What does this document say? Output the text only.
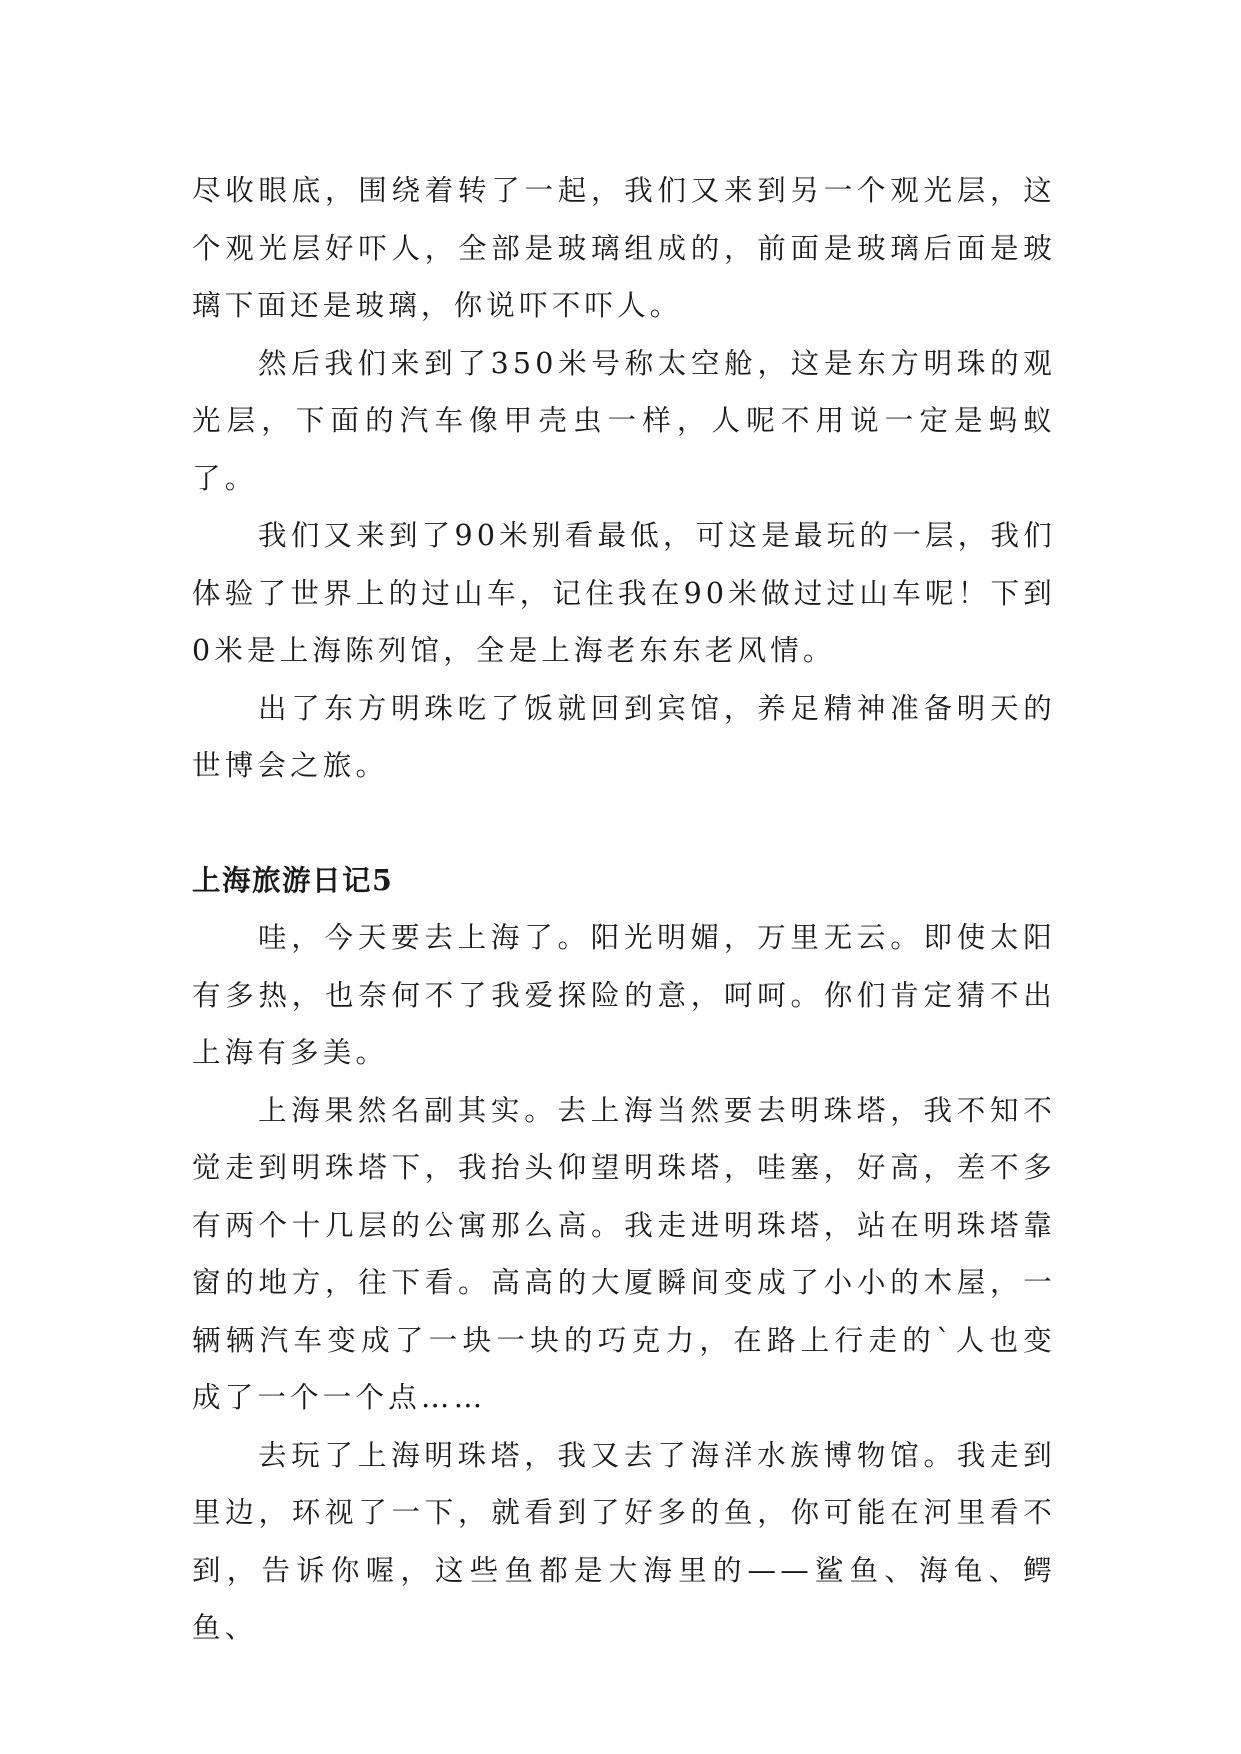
尽收眼底，围绕着转了一起，我们又来到另一个观光层，这个观光层好吓人，全部是玻璃组成的，前面是玻璃后面是玻璃下面还是玻璃，你说吓不吓人。

然后我们来到了350米号称太空舱，这是东方明珠的观光层，下面的汽车像甲壳虫一样，人呢不用说一定是蚂蚁了。

我们又来到了90米别看最低，可这是最玩的一层，我们体验了世界上的过山车，记住我在90米做过过山车呢！下到0米是上海陈列馆，全是上海老东东老风情。

出了东方明珠吃了饭就回到宾馆，养足精神准备明天的世博会之旅。

上海旅游日记5

哇，今天要去上海了。阳光明媚，万里无云。即使太阳有多热，也奈何不了我爱探险的意，呵呵。你们肯定猜不出上海有多美。

上海果然名副其实。去上海当然要去明珠塔，我不知不觉走到明珠塔下，我抬头仰望明珠塔，哇塞，好高，差不多有两个十几层的公寓那么高。我走进明珠塔，站在明珠塔靠窗的地方，往下看。高高的大厦瞬间变成了小小的木屋，一辆辆汽车变成了一块一块的巧克力，在路上行走的`人也变成了一个一个点……

去玩了上海明珠塔，我又去了海洋水族博物馆。我走到里边，环视了一下，就看到了好多的鱼，你可能在河里看不到，告诉你喔，这些鱼都是大海里的——鲨鱼、海龟、鳄鱼、
